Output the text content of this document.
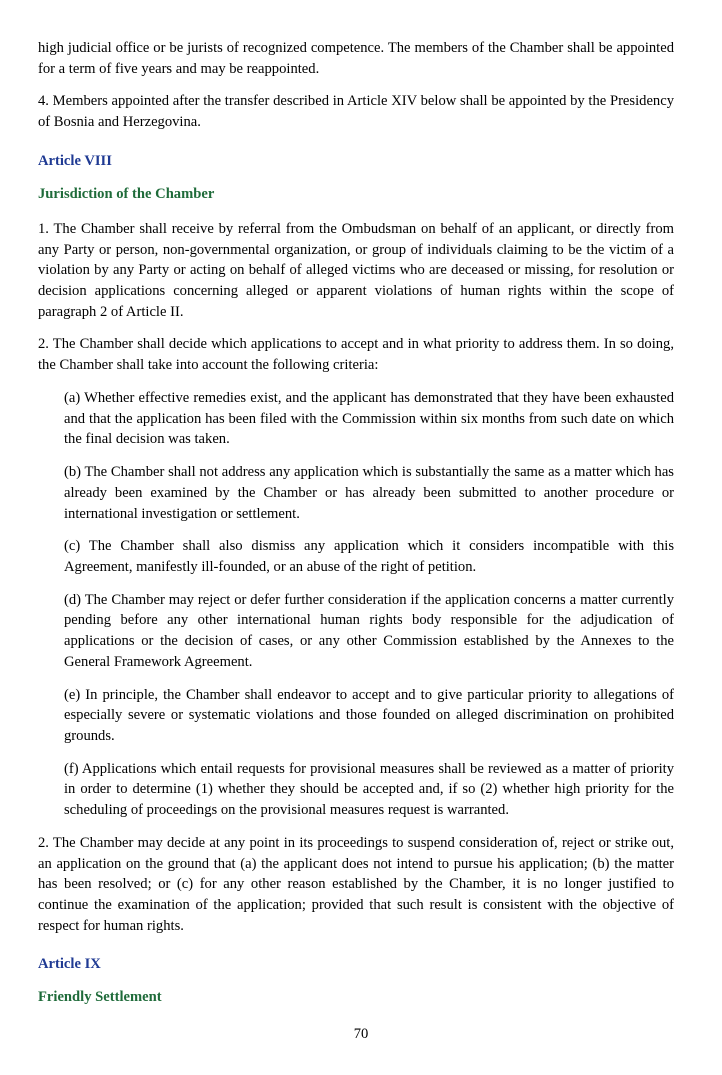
high judicial office or be jurists of recognized competence. The members of the Chamber shall be appointed for a term of five years and may be reappointed.

4. Members appointed after the transfer described in Article XIV below shall be appointed by the Presidency of Bosnia and Herzegovina.

Article VIII
Jurisdiction of the Chamber

1. The Chamber shall receive by referral from the Ombudsman on behalf of an applicant, or directly from any Party or person, non-governmental organization, or group of individuals claiming to be the victim of a violation by any Party or acting on behalf of alleged victims who are deceased or missing, for resolution or decision applications concerning alleged or apparent violations of human rights within the scope of paragraph 2 of Article II.

2. The Chamber shall decide which applications to accept and in what priority to address them. In so doing, the Chamber shall take into account the following criteria:

(a) Whether effective remedies exist, and the applicant has demonstrated that they have been exhausted and that the application has been filed with the Commission within six months from such date on which the final decision was taken.

(b) The Chamber shall not address any application which is substantially the same as a matter which has already been examined by the Chamber or has already been submitted to another procedure or international investigation or settlement.

(c) The Chamber shall also dismiss any application which it considers incompatible with this Agreement, manifestly ill-founded, or an abuse of the right of petition.

(d) The Chamber may reject or defer further consideration if the application concerns a matter currently pending before any other international human rights body responsible for the adjudication of applications or the decision of cases, or any other Commission established by the Annexes to the General Framework Agreement.

(e) In principle, the Chamber shall endeavor to accept and to give particular priority to allegations of especially severe or systematic violations and those founded on alleged discrimination on prohibited grounds.

(f) Applications which entail requests for provisional measures shall be reviewed as a matter of priority in order to determine (1) whether they should be accepted and, if so (2) whether high priority for the scheduling of proceedings on the provisional measures request is warranted.

2. The Chamber may decide at any point in its proceedings to suspend consideration of, reject or strike out, an application on the ground that (a) the applicant does not intend to pursue his application; (b) the matter has been resolved; or (c) for any other reason established by the Chamber, it is no longer justified to continue the examination of the application; provided that such result is consistent with the objective of respect for human rights.

Article IX
Friendly Settlement
70
